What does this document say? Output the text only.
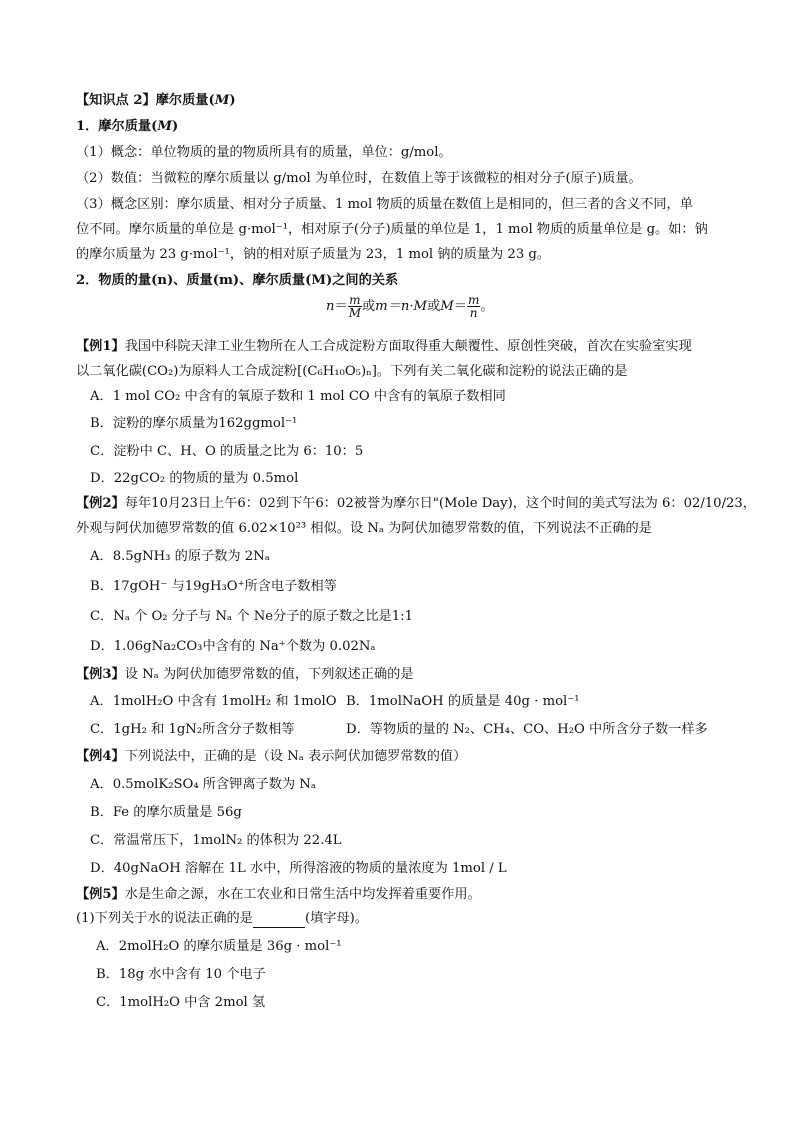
【知识点 2】摩尔质量(M)
1．摩尔质量(M)
（1）概念：单位物质的量的物质所具有的质量，单位：g/mol。
（2）数值：当微粒的摩尔质量以 g/mol 为单位时，在数值上等于该微粒的相对分子(原子)质量。
（3）概念区别：摩尔质量、相对分子质量、1 mol 物质的质量在数值上是相同的，但三者的含义不同，单
位不同。摩尔质量的单位是 g·mol⁻¹，相对原子(分子)质量的单位是 1，1 mol 物质的质量单位是 g。如：钠
的摩尔质量为 23 g·mol⁻¹，钠的相对原子质量为 23，1 mol 钠的质量为 23 g。
2．物质的量(n)、质量(m)、摩尔质量(M)之间的关系
$n= \frac{m}{M}$ 或m＝n·M或$M= \frac{m}{n}$ 。
【例1】我国中科院天津工业生物所在人工合成淀粉方面取得重大颠覆性、原创性突破，首次在实验室实现
以二氧化碳(CO₂)为原料人工合成淀粉[(C₆H₁₀O₅)ₙ]。下列有关二氧化碳和淀粉的说法正确的是
A．1 mol CO₂ 中含有的氧原子数和 1 mol CO 中含有的氧原子数相同
B．淀粉的摩尔质量为162ggmol⁻¹
C．淀粉中 C、H、O 的质量之比为 6：10：5
D．22gCO₂ 的物质的量为 0.5mol
【例2】每年10月23日上午6：02到下午6：02被誉为摩尔日"(Mole Day)，这个时间的美式写法为 6：02/10/23，
外观与阿伏加德罗常数的值 6.02×10²³ 相似。设 Nₐ 为阿伏加德罗常数的值，下列说法不正确的是
A．8.5gNH₃ 的原子数为 2Nₐ
B．17gOH⁻ 与19gH₃O⁺所含电子数相等
C．Nₐ 个 O₂ 分子与 Nₐ 个 Ne分子的原子数之比是1:1
D．1.06gNa₂CO₃中含有的 Na⁺个数为 0.02Nₐ
【例3】设 Nₐ 为阿伏加德罗常数的值，下列叙述正确的是
A．1molH₂O 中含有 1molH₂ 和 1molO B．1molNaOH 的质量是 40g · mol⁻¹
C．1gH₂ 和 1gN₂所含分子数相等	D．等物质的量的 N₂、CH₄、CO、H₂O 中所含分子数一样多
【例4】下列说法中，正确的是（设 Nₐ 表示阿伏加德罗常数的值）
A．0.5molK₂SO₄ 所含钾离子数为 Nₐ
B．Fe 的摩尔质量是 56g
C．常温常压下，1molN₂ 的体积为 22.4L
D．40gNaOH 溶解在 1L 水中，所得溶液的物质的量浓度为 1mol / L
【例5】水是生命之源，水在工农业和日常生活中均发挥着重要作用。
(1)下列关于水的说法正确的是	(填字母)。
A．2molH₂O 的摩尔质量是 36g · mol⁻¹
B．18g 水中含有 10 个电子
C．1molH₂O 中含 2mol 氢
